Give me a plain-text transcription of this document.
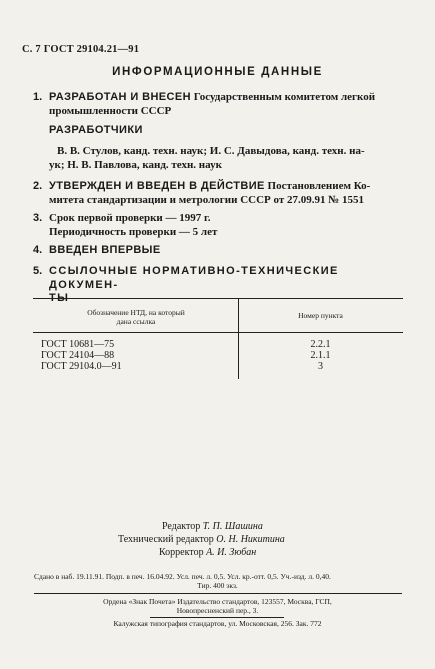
С. 7 ГОСТ 29104.21—91
ИНФОРМАЦИОННЫЕ ДАННЫЕ
1. РАЗРАБОТАН И ВНЕСЕН Государственным комитетом легкой
промышленности СССР
РАЗРАБОТЧИКИ
В. В. Стулов, канд. техн. наук; И. С. Давыдова, канд. техн. на-
ук; Н. В. Павлова, канд. техн. наук
2. УТВЕРЖДЕН И ВВЕДЕН В ДЕЙСТВИЕ Постановлением Ко-
митета стандартизации и метрологии СССР от 27.09.91 № 1551
3. Срок первой проверки — 1997 г.
Периодичность проверки — 5 лет
4. ВВЕДЕН ВПЕРВЫЕ
5. ССЫЛОЧНЫЕ НОРМАТИВНО-ТЕХНИЧЕСКИЕ ДОКУМЕН-
ТЫ
Обозначение НТД, на который
дана ссылка
Номер пункта
ГОСТ 10681—75	2.2.1
ГОСТ 24104—88	2.1.1
ГОСТ 29104.0—91	3
Редактор Т. П. Шашина
Технический редактор О. Н. Никитина
Корректор А. И. Зюбан
Сдано в наб. 19.11.91. Подп. в печ. 16.04.92. Усл. печ. л. 0,5. Усл. кр.-отт. 0,5. Уч.-изд. л. 0,40.
Тир. 400 экз.
Ордена «Знак Почета» Издательство стандартов, 123557, Москва, ГСП,
Новопресненский пер., 3.
Калужская типография стандартов, ул. Московская, 256. Зак. 772
